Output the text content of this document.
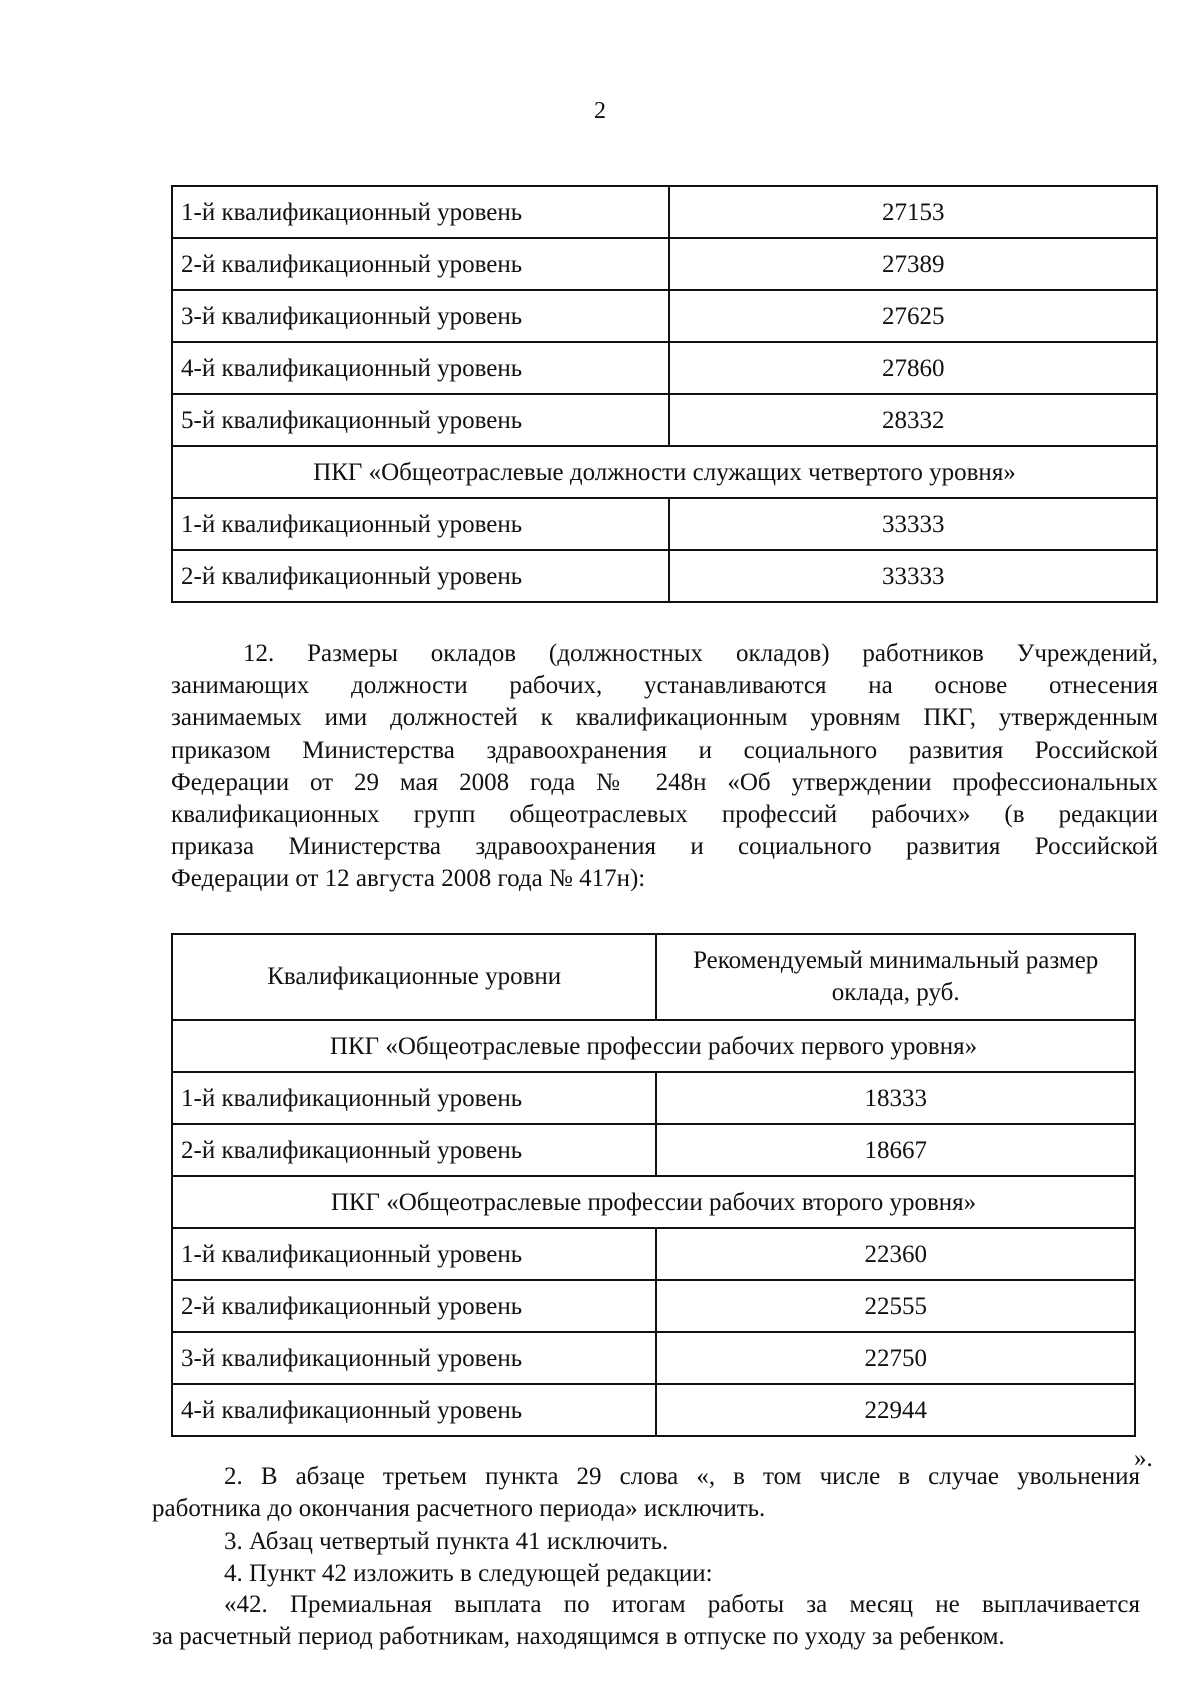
2
1-й квалификационный уровень	27153
2-й квалификационный уровень	27389
3-й квалификационный уровень	27625
4-й квалификационный уровень	27860
5-й квалификационный уровень	28332
ПКГ «Общеотраслевые должности служащих четвертого уровня»	
1-й квалификационный уровень	33333
2-й квалификационный уровень	33333
12. Размеры окладов (должностных окладов) работников Учреждений,
занимающих должности рабочих, устанавливаются на основе отнесения
занимаемых ими должностей к квалификационным уровням ПКГ, утвержденным
приказом Министерства здравоохранения и социального развития Российской
Федерации от 29 мая 2008 года № 248н «Об утверждении профессиональных
квалификационных групп общеотраслевых профессий рабочих» (в редакции
приказа Министерства здравоохранения и социального развития Российской
Федерации от 12 августа 2008 года № 417н):
Квалификационные уровни	Рекомендуемый минимальный размер оклада, руб.
ПКГ «Общеотраслевые профессии рабочих первого уровня»	
1-й квалификационный уровень	18333
2-й квалификационный уровень	18667
ПКГ «Общеотраслевые профессии рабочих второго уровня»	
1-й квалификационный уровень	22360
2-й квалификационный уровень	22555
3-й квалификационный уровень	22750
4-й квалификационный уровень	22944
».
2. В абзаце третьем пункта 29 слова «, в том числе в случае увольнения
работника до окончания расчетного периода» исключить.
3. Абзац четвертый пункта 41 исключить.
4. Пункт 42 изложить в следующей редакции:
«42. Премиальная выплата по итогам работы за месяц не выплачивается
за расчетный период работникам, находящимся в отпуске по уходу за ребенком.
